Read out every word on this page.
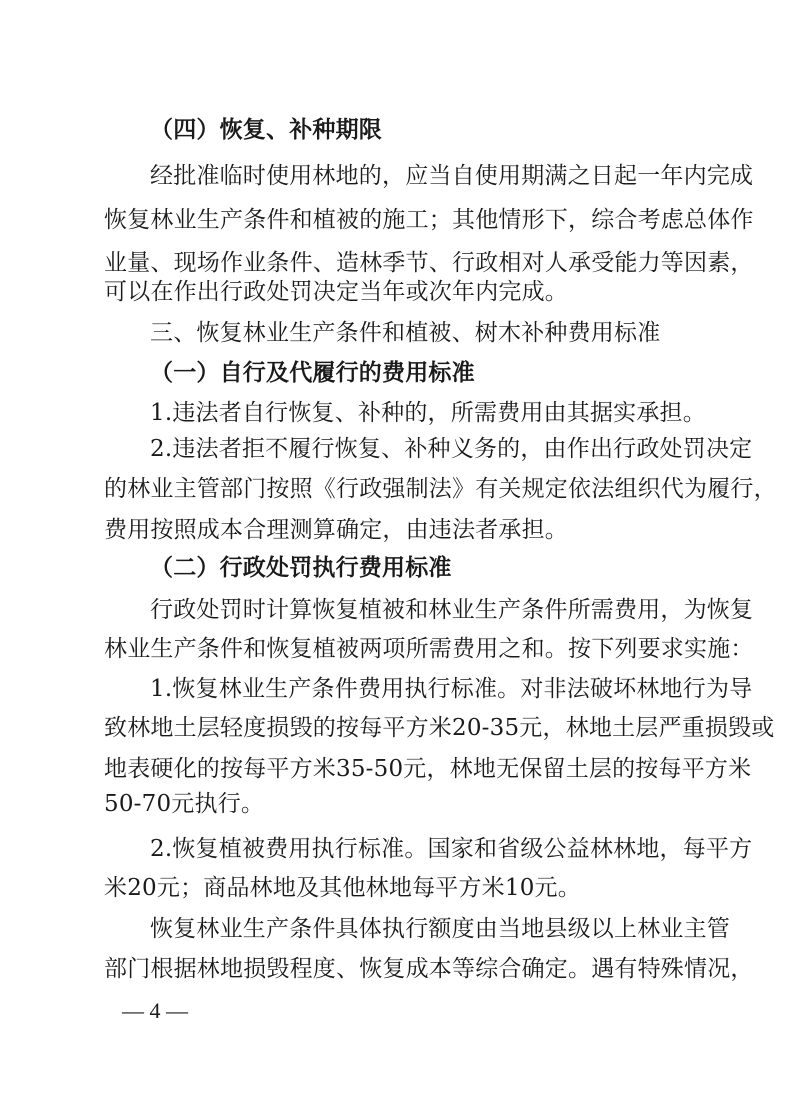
（四）恢复、补种期限
经批准临时使用林地的，应当自使用期满之日起一年内完成
恢复林业生产条件和植被的施工；其他情形下，综合考虑总体作
业量、现场作业条件、造林季节、行政相对人承受能力等因素，
可以在作出行政处罚决定当年或次年内完成。
三、恢复林业生产条件和植被、树木补种费用标准
（一）自行及代履行的费用标准
1.违法者自行恢复、补种的，所需费用由其据实承担。
2.违法者拒不履行恢复、补种义务的，由作出行政处罚决定
的林业主管部门按照《行政强制法》有关规定依法组织代为履行，
费用按照成本合理测算确定，由违法者承担。
（二）行政处罚执行费用标准
行政处罚时计算恢复植被和林业生产条件所需费用，为恢复
林业生产条件和恢复植被两项所需费用之和。按下列要求实施：
1.恢复林业生产条件费用执行标准。对非法破坏林地行为导
致林地土层轻度损毁的按每平方米20-35元，林地土层严重损毁或
地表硬化的按每平方米35-50元，林地无保留土层的按每平方米
50-70元执行。
2.恢复植被费用执行标准。国家和省级公益林林地，每平方
米20元；商品林地及其他林地每平方米10元。
恢复林业生产条件具体执行额度由当地县级以上林业主管
部门根据林地损毁程度、恢复成本等综合确定。遇有特殊情况，
— 4 —
